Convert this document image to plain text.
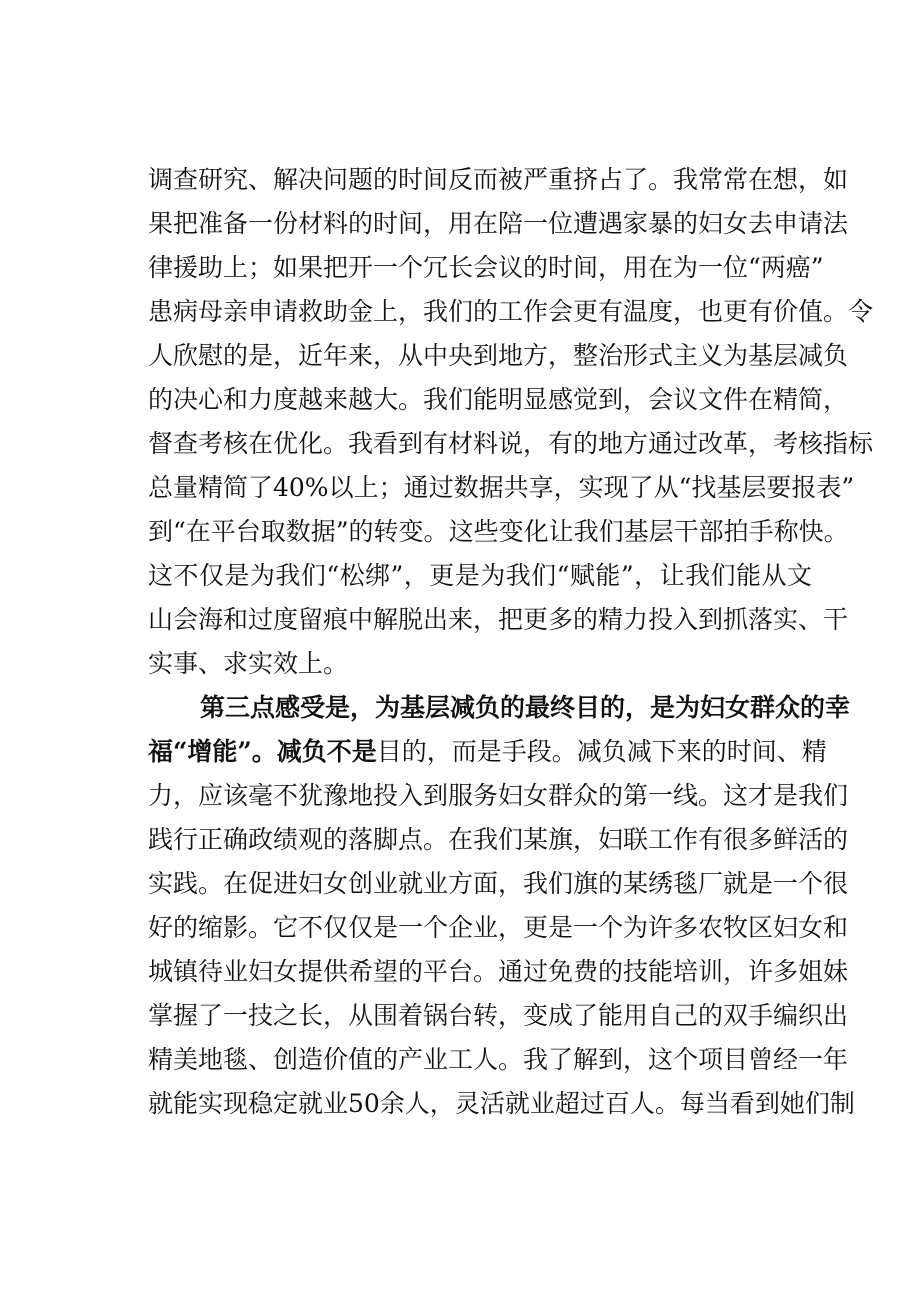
调查研究、解决问题的时间反而被严重挤占了。我常常在想，如
果把准备一份材料的时间，用在陪一位遭遇家暴的妇女去申请法
律援助上；如果把开一个冗长会议的时间，用在为一位“两癌”
患病母亲申请救助金上，我们的工作会更有温度，也更有价值。令
人欣慰的是，近年来，从中央到地方，整治形式主义为基层减负
的决心和力度越来越大。我们能明显感觉到，会议文件在精简，
督查考核在优化。我看到有材料说，有的地方通过改革，考核指标
总量精简了40%以上；通过数据共享，实现了从“找基层要报表”
到“在平台取数据”的转变。这些变化让我们基层干部拍手称快。
这不仅是为我们“松绑”，更是为我们“赋能”，让我们能从文
山会海和过度留痕中解脱出来，把更多的精力投入到抓落实、干
实事、求实效上。
第三点感受是，为基层减负的最终目的，是为妇女群众的幸
福“增能”。减负不是目的，而是手段。减负减下来的时间、精
力，应该毫不犹豫地投入到服务妇女群众的第一线。这才是我们
践行正确政绩观的落脚点。在我们某旗，妇联工作有很多鲜活的
实践。在促进妇女创业就业方面，我们旗的某绣毯厂就是一个很
好的缩影。它不仅仅是一个企业，更是一个为许多农牧区妇女和
城镇待业妇女提供希望的平台。通过免费的技能培训，许多姐妹
掌握了一技之长，从围着锅台转，变成了能用自己的双手编织出
精美地毯、创造价值的产业工人。我了解到，这个项目曾经一年
就能实现稳定就业50余人，灵活就业超过百人。每当看到她们制
